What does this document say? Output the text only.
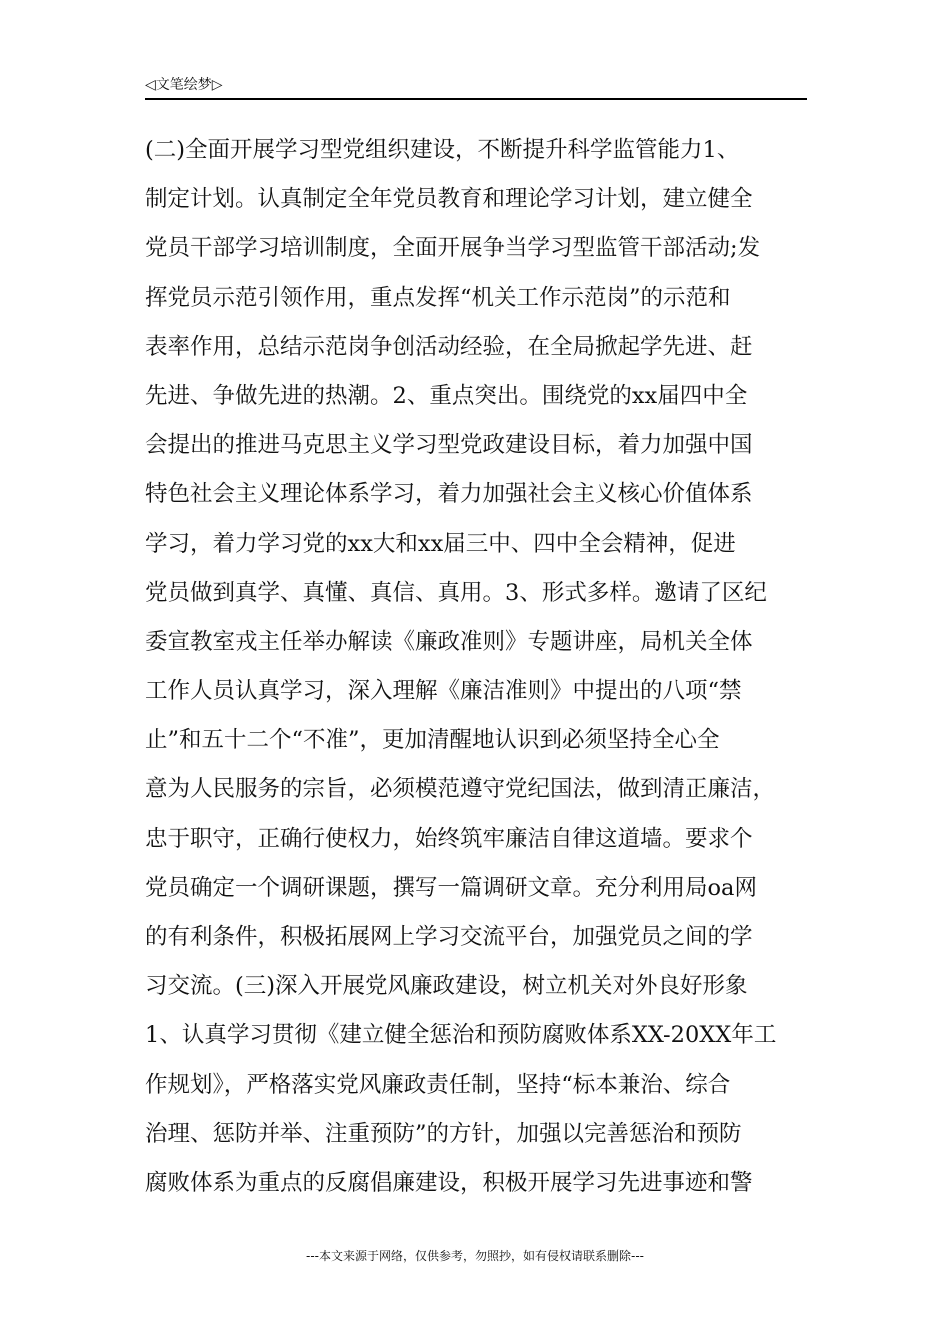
◁文笔绘梦▷
(二)全面开展学习型党组织建设，不断提升科学监管能力1、
制定计划。认真制定全年党员教育和理论学习计划，建立健全
党员干部学习培训制度，全面开展争当学习型监管干部活动;发
挥党员示范引领作用，重点发挥“机关工作示范岗”的示范和
表率作用，总结示范岗争创活动经验，在全局掀起学先进、赶
先进、争做先进的热潮。2、重点突出。围绕党的xx届四中全
会提出的推进马克思主义学习型党政建设目标，着力加强中国
特色社会主义理论体系学习，着力加强社会主义核心价值体系
学习，着力学习党的xx大和xx届三中、四中全会精神，促进
党员做到真学、真懂、真信、真用。3、形式多样。邀请了区纪
委宣教室戎主任举办解读《廉政准则》专题讲座，局机关全体
工作人员认真学习，深入理解《廉洁准则》中提出的八项“禁
止”和五十二个“不准”，更加清醒地认识到必须坚持全心全
意为人民服务的宗旨，必须模范遵守党纪国法，做到清正廉洁，
忠于职守，正确行使权力，始终筑牢廉洁自律这道墙。要求个
党员确定一个调研课题，撰写一篇调研文章。充分利用局oa网
的有利条件，积极拓展网上学习交流平台，加强党员之间的学
习交流。(三)深入开展党风廉政建设，树立机关对外良好形象
1、认真学习贯彻《建立健全惩治和预防腐败体系XX-20XX年工
作规划》，严格落实党风廉政责任制，坚持“标本兼治、综合
治理、惩防并举、注重预防”的方针，加强以完善惩治和预防
腐败体系为重点的反腐倡廉建设，积极开展学习先进事迹和警
---本文来源于网络，仅供参考，勿照抄，如有侵权请联系删除---
